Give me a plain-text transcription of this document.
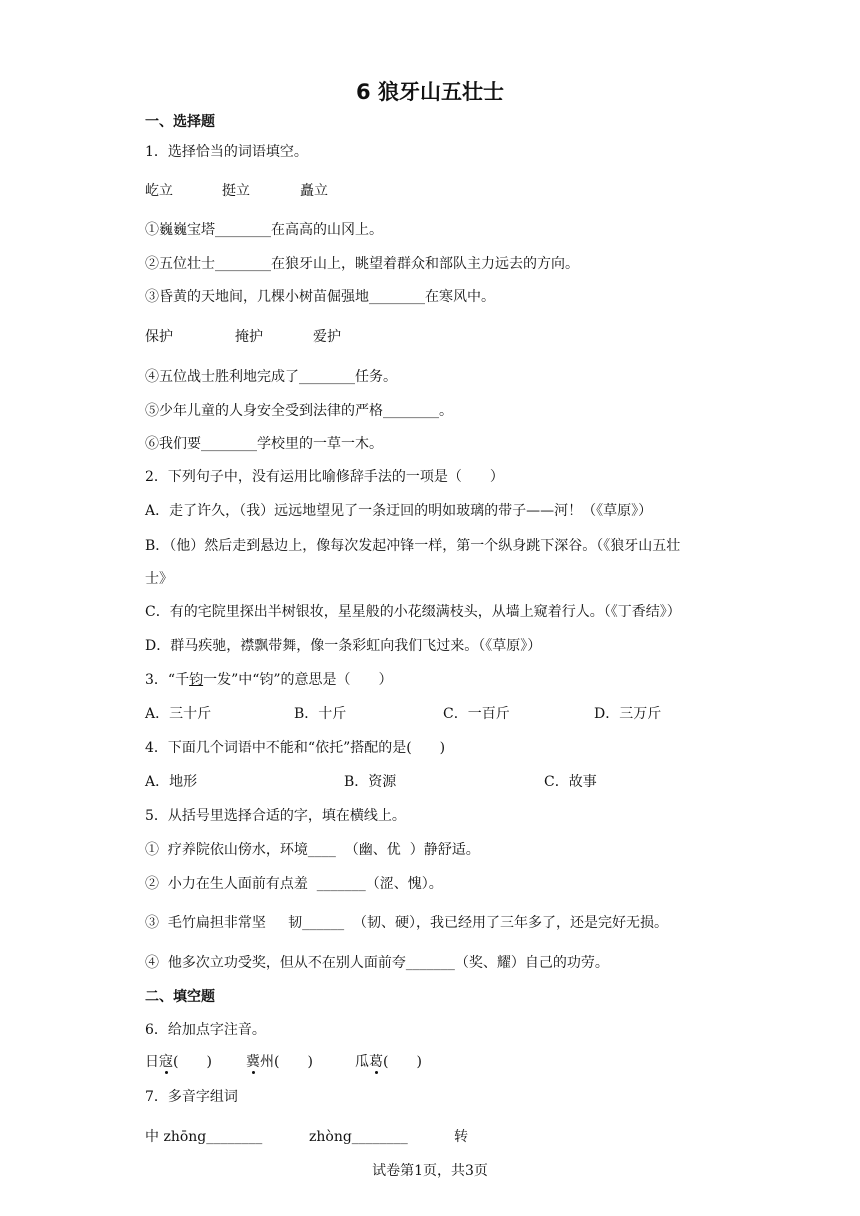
6 狼牙山五壮士
一、选择题
1．选择恰当的词语填空。
屹立	挺立	矗立
①巍巍宝塔________在高高的山冈上。
②五位壮士________在狼牙山上，眺望着群众和部队主力远去的方向。
③昏黄的天地间，几棵小树苗倔强地________在寒风中。
保护	掩护	爱护
④五位战士胜利地完成了________任务。
⑤少年儿童的人身安全受到法律的严格________。
⑥我们要________学校里的一草一木。
2．下列句子中，没有运用比喻修辞手法的一项是（　　）
A．走了许久，（我）远远地望见了一条迂回的明如玻璃的带子——河！（《草原》）
B．（他）然后走到悬边上，像每次发起冲锋一样，第一个纵身跳下深谷。（《狼牙山五壮
士》
C．有的宅院里探出半树银妆，星星般的小花缀满枝头，从墙上窥着行人。（《丁香结》）
D．群马疾驰，襟飘带舞，像一条彩虹向我们飞过来。（《草原》）
3．“千钧一发”中“钧”的意思是（　　）
A．三十斤	B．十斤	C．一百斤	D．三万斤
4．下面几个词语中不能和“依托”搭配的是(　　)
A．地形	B．资源	C．故事
5．从括号里选择合适的字，填在横线上。
①  疗养院依山傍水，环境____  （幽、优  ）静舒适。
②  小力在生人面前有点羞  _______（涩、愧）。
③  毛竹扁担非常坚     韧______  （韧、硬），我已经用了三年多了，还是完好无损。
④  他多次立功受奖，但从不在别人面前夸_______（奖、耀）自己的功劳。
二、填空题
6．给加点字注音。
日寇(　　) 冀州(　　)	瓜葛(　　)
7．多音字组词
中 zhōng________	zhòng________	转
试卷第1页，共3页
